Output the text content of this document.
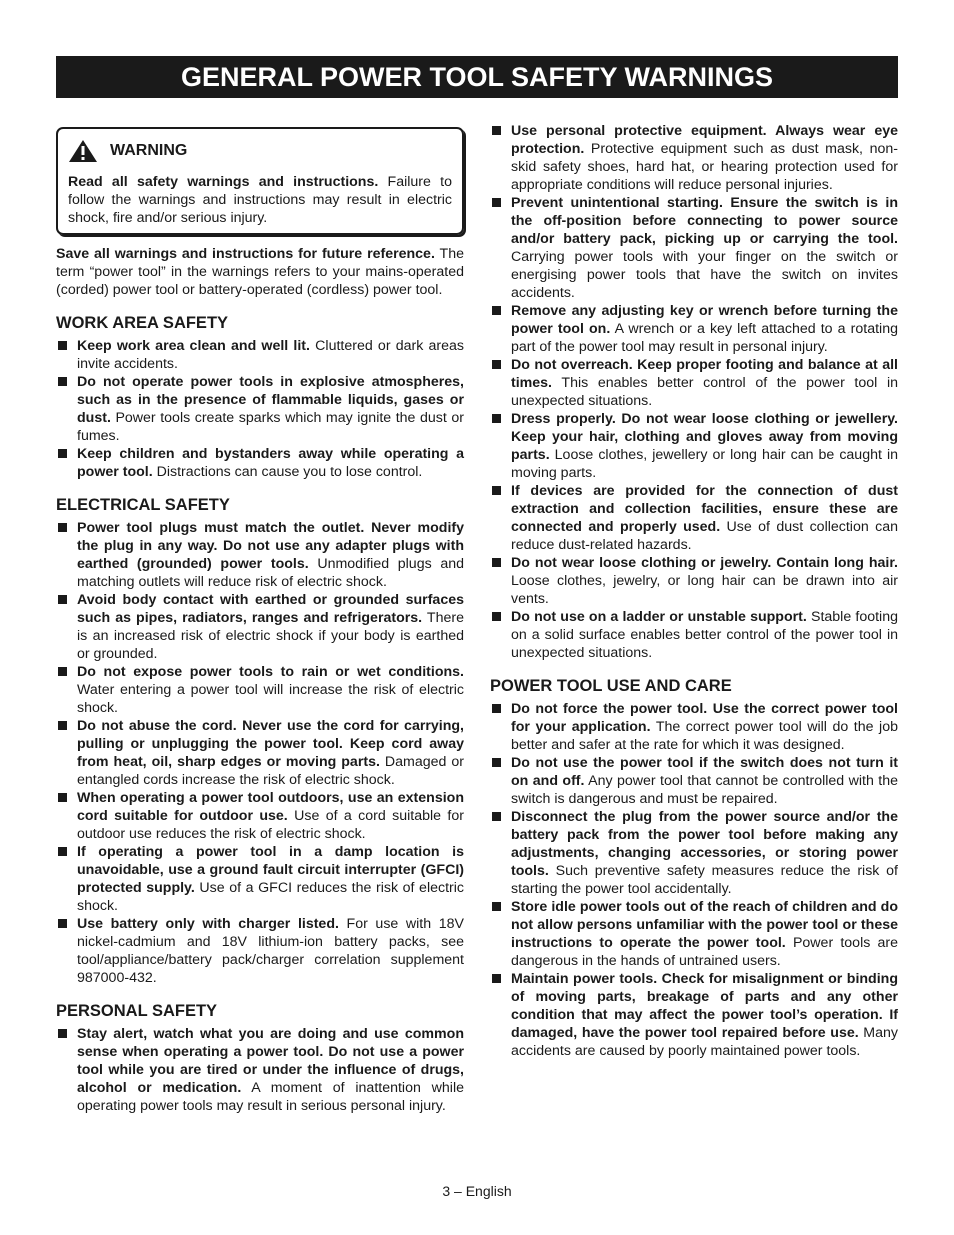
GENERAL POWER TOOL SAFETY WARNINGS
WARNING

Read all safety warnings and instructions. Failure to follow the warnings and instructions may result in electric shock, fire and/or serious injury.

Save all warnings and instructions for future reference. The term “power tool” in the warnings refers to your mains-operated (corded) power tool or battery-operated (cordless) power tool.

WORK AREA SAFETY
Keep work area clean and well lit. Cluttered or dark areas invite accidents.
Do not operate power tools in explosive atmospheres, such as in the presence of flammable liquids, gases or dust. Power tools create sparks which may ignite the dust or fumes.
Keep children and bystanders away while operating a power tool. Distractions can cause you to lose control.
ELECTRICAL SAFETY
Power tool plugs must match the outlet. Never modify the plug in any way. Do not use any adapter plugs with earthed (grounded) power tools. Unmodified plugs and matching outlets will reduce risk of electric shock.
Avoid body contact with earthed or grounded surfaces such as pipes, radiators, ranges and refrigerators. There is an increased risk of electric shock if your body is earthed or grounded.
Do not expose power tools to rain or wet conditions. Water entering a power tool will increase the risk of electric shock.
Do not abuse the cord. Never use the cord for carrying, pulling or unplugging the power tool. Keep cord away from heat, oil, sharp edges or moving parts. Damaged or entangled cords increase the risk of electric shock.
When operating a power tool outdoors, use an extension cord suitable for outdoor use. Use of a cord suitable for outdoor use reduces the risk of electric shock.
If operating a power tool in a damp location is unavoidable, use a ground fault circuit interrupter (GFCI) protected supply. Use of a GFCI reduces the risk of electric shock.
Use battery only with charger listed. For use with 18V nickel-cadmium and 18V lithium-ion battery packs, see tool/appliance/battery pack/charger correlation supplement 987000-432.
PERSONAL SAFETY
Stay alert, watch what you are doing and use common sense when operating a power tool. Do not use a power tool while you are tired or under the influence of drugs, alcohol or medication. A moment of inattention while operating power tools may result in serious personal injury.
Use personal protective equipment. Always wear eye protection. Protective equipment such as dust mask, non-skid safety shoes, hard hat, or hearing protection used for appropriate conditions will reduce personal injuries.
Prevent unintentional starting. Ensure the switch is in the off-position before connecting to power source and/or battery pack, picking up or carrying the tool. Carrying power tools with your finger on the switch or energising power tools that have the switch on invites accidents.
Remove any adjusting key or wrench before turning the power tool on. A wrench or a key left attached to a rotating part of the power tool may result in personal injury.
Do not overreach. Keep proper footing and balance at all times. This enables better control of the power tool in unexpected situations.
Dress properly. Do not wear loose clothing or jewellery. Keep your hair, clothing and gloves away from moving parts. Loose clothes, jewellery or long hair can be caught in moving parts.
If devices are provided for the connection of dust extraction and collection facilities, ensure these are connected and properly used. Use of dust collection can reduce dust-related hazards.
Do not wear loose clothing or jewelry. Contain long hair. Loose clothes, jewelry, or long hair can be drawn into air vents.
Do not use on a ladder or unstable support. Stable footing on a solid surface enables better control of the power tool in unexpected situations.
POWER TOOL USE AND CARE
Do not force the power tool. Use the correct power tool for your application. The correct power tool will do the job better and safer at the rate for which it was designed.
Do not use the power tool if the switch does not turn it on and off. Any power tool that cannot be controlled with the switch is dangerous and must be repaired.
Disconnect the plug from the power source and/or the battery pack from the power tool before making any adjustments, changing accessories, or storing power tools. Such preventive safety measures reduce the risk of starting the power tool accidentally.
Store idle power tools out of the reach of children and do not allow persons unfamiliar with the power tool or these instructions to operate the power tool. Power tools are dangerous in the hands of untrained users.
Maintain power tools. Check for misalignment or binding of moving parts, breakage of parts and any other condition that may affect the power tool’s operation. If damaged, have the power tool repaired before use. Many accidents are caused by poorly maintained power tools.
3 – English
